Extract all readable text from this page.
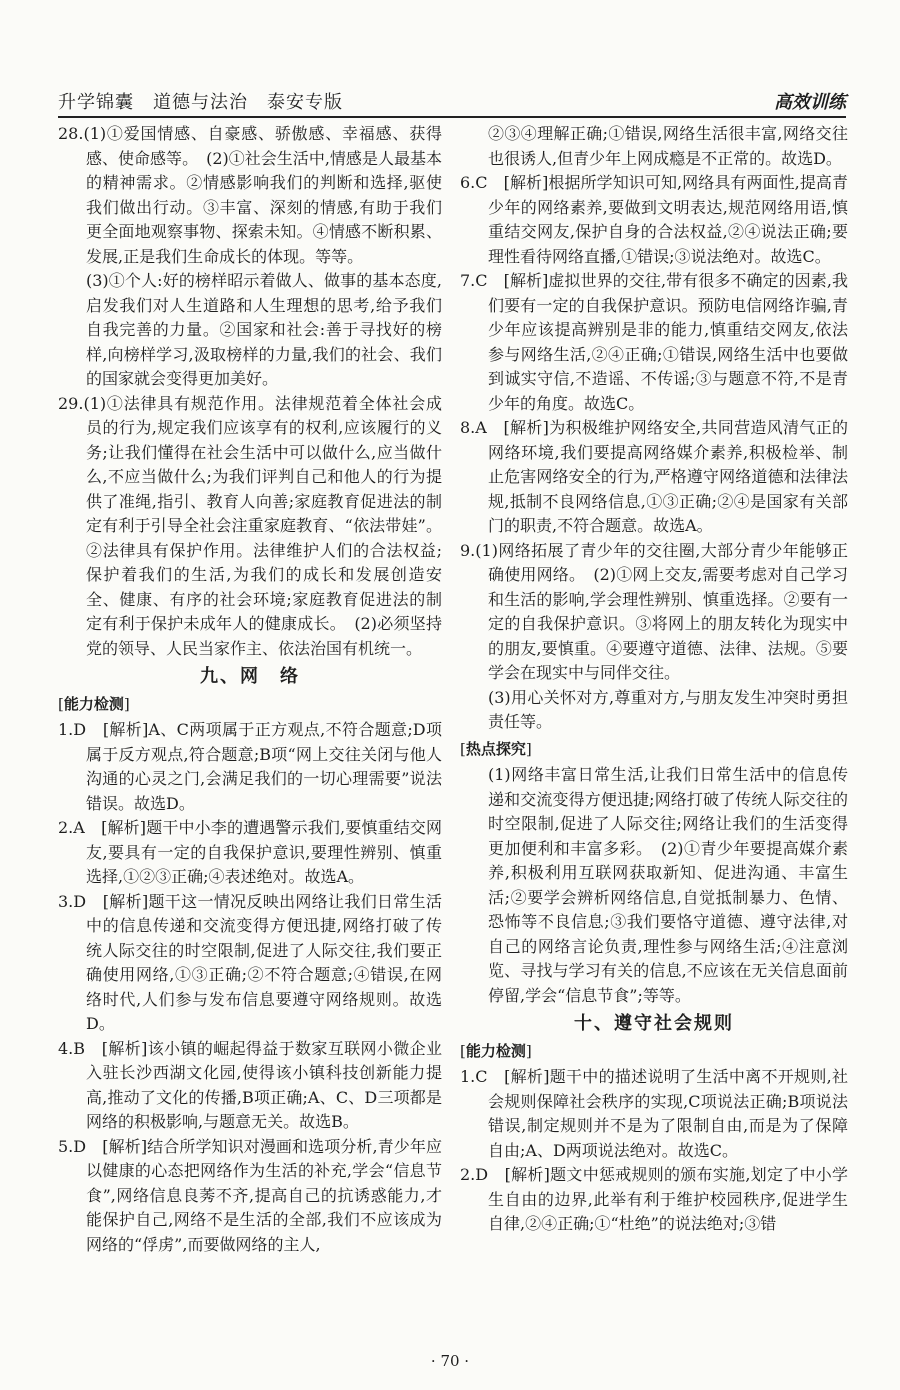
升学锦囊　道德与法治　泰安专版	高效训练

28.(1)①爱国情感、自豪感、骄傲感、幸福感、获得感、使命感等。　(2)①社会生活中,情感是人最基本的精神需求。②情感影响我们的判断和选择,驱使我们做出行动。③丰富、深刻的情感,有助于我们更全面地观察事物、探索未知。④情感不断积累、发展,正是我们生命成长的体现。等等。

(3)①个人:好的榜样昭示着做人、做事的基本态度,启发我们对人生道路和人生理想的思考,给予我们自我完善的力量。②国家和社会:善于寻找好的榜样,向榜样学习,汲取榜样的力量,我们的社会、我们的国家就会变得更加美好。

29.(1)①法律具有规范作用。法律规范着全体社会成员的行为,规定我们应该享有的权利,应该履行的义务;让我们懂得在社会生活中可以做什么,应当做什么,不应当做什么;为我们评判自己和他人的行为提供了准绳,指引、教育人向善;家庭教育促进法的制定有利于引导全社会注重家庭教育、“依法带娃”。②法律具有保护作用。法律维护人们的合法权益;保护着我们的生活,为我们的成长和发展创造安全、健康、有序的社会环境;家庭教育促进法的制定有利于保护未成年人的健康成长。　(2)必须坚持党的领导、人民当家作主、依法治国有机统一。

九、网　络
[能力检测]

1.D　[解析]A、C两项属于正方观点,不符合题意;D项属于反方观点,符合题意;B项“网上交往关闭与他人沟通的心灵之门,会满足我们的一切心理需要”说法错误。故选D。

2.A　[解析]题干中小李的遭遇警示我们,要慎重结交网友,要具有一定的自我保护意识,要理性辨别、慎重选择,①②③正确;④表述绝对。故选A。

3.D　[解析]题干这一情况反映出网络让我们日常生活中的信息传递和交流变得方便迅捷,网络打破了传统人际交往的时空限制,促进了人际交往,我们要正确使用网络,①③正确;②不符合题意;④错误,在网络时代,人们参与发布信息要遵守网络规则。故选D。

4.B　[解析]该小镇的崛起得益于数家互联网小微企业入驻长沙西湖文化园,使得该小镇科技创新能力提高,推动了文化的传播,B项正确;A、C、D三项都是网络的积极影响,与题意无关。故选B。

5.D　[解析]结合所学知识对漫画和选项分析,青少年应以健康的心态把网络作为生活的补充,学会“信息节食”,网络信息良莠不齐,提高自己的抗诱惑能力,才能保护自己,网络不是生活的全部,我们不应该成为网络的“俘虏”,而要做网络的主人,

②③④理解正确;①错误,网络生活很丰富,网络交往也很诱人,但青少年上网成瘾是不正常的。故选D。

6.C　[解析]根据所学知识可知,网络具有两面性,提高青少年的网络素养,要做到文明表达,规范网络用语,慎重结交网友,保护自身的合法权益,②④说法正确;要理性看待网络直播,①错误;③说法绝对。故选C。

7.C　[解析]虚拟世界的交往,带有很多不确定的因素,我们要有一定的自我保护意识。预防电信网络诈骗,青少年应该提高辨别是非的能力,慎重结交网友,依法参与网络生活,②④正确;①错误,网络生活中也要做到诚实守信,不造谣、不传谣;③与题意不符,不是青少年的角度。故选C。

8.A　[解析]为积极维护网络安全,共同营造风清气正的网络环境,我们要提高网络媒介素养,积极检举、制止危害网络安全的行为,严格遵守网络道德和法律法规,抵制不良网络信息,①③正确;②④是国家有关部门的职责,不符合题意。故选A。

9.(1)网络拓展了青少年的交往圈,大部分青少年能够正确使用网络。　(2)①网上交友,需要考虑对自己学习和生活的影响,学会理性辨别、慎重选择。②要有一定的自我保护意识。③将网上的朋友转化为现实中的朋友,要慎重。④要遵守道德、法律、法规。⑤要学会在现实中与同伴交往。

(3)用心关怀对方,尊重对方,与朋友发生冲突时勇担责任等。

[热点探究]

(1)网络丰富日常生活,让我们日常生活中的信息传递和交流变得方便迅捷;网络打破了传统人际交往的时空限制,促进了人际交往;网络让我们的生活变得更加便利和丰富多彩。　(2)①青少年要提高媒介素养,积极利用互联网获取新知、促进沟通、丰富生活;②要学会辨析网络信息,自觉抵制暴力、色情、恐怖等不良信息;③我们要恪守道德、遵守法律,对自己的网络言论负责,理性参与网络生活;④注意浏览、寻找与学习有关的信息,不应该在无关信息面前停留,学会“信息节食”;等等。

十、遵守社会规则
[能力检测]

1.C　[解析]题干中的描述说明了生活中离不开规则,社会规则保障社会秩序的实现,C项说法正确;B项说法错误,制定规则并不是为了限制自由,而是为了保障自由;A、D两项说法绝对。故选C。

2.D　[解析]题文中惩戒规则的颁布实施,划定了中小学生自由的边界,此举有利于维护校园秩序,促进学生自律,②④正确;①“杜绝”的说法绝对;③错

· 70 ·
